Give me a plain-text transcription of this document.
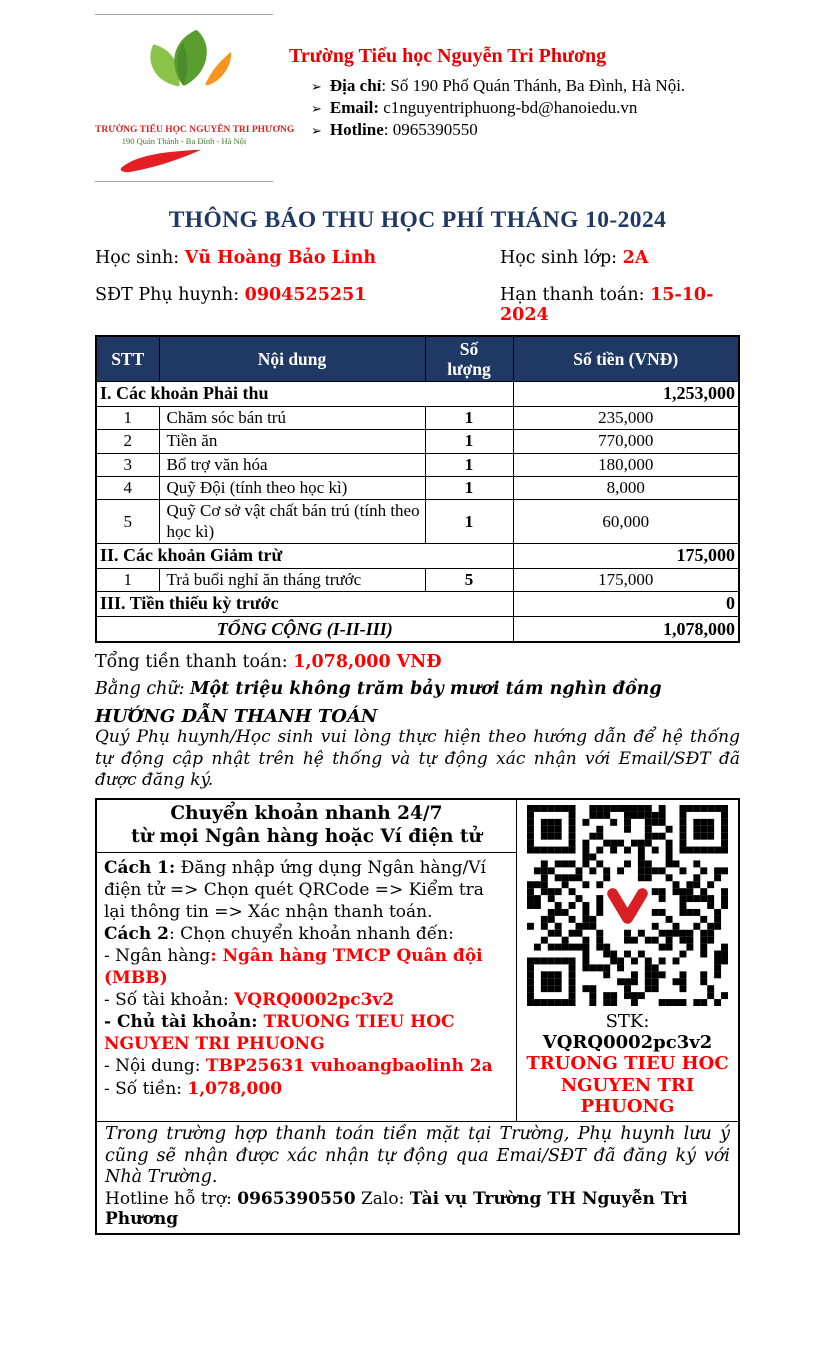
TRƯỜNG TIỂU HỌC NGUYỄN TRI PHƯƠNG
190 Quán Thánh - Ba Đình - Hà Nội
Trường Tiểu học Nguyễn Tri Phương
➢ Địa chỉ: Số 190 Phố Quán Thánh, Ba Đình, Hà Nội.
➢ Email: c1nguyentriphuong-bd@hanoiedu.vn
➢ Hotline: 0965390550
THÔNG BÁO THU HỌC PHÍ THÁNG 10-2024
Học sinh: Vũ Hoàng Bảo Linh	Học sinh lớp: 2A
SĐT Phụ huynh: 0904525251	Hạn thanh toán: 15-10-2024
STT	Nội dung	Số lượng	Số tiền (VNĐ)
I. Các khoản Phải thu			1,253,000
1	Chăm sóc bán trú	1	235,000
2	Tiền ăn	1	770,000
3	Bổ trợ văn hóa	1	180,000
4	Quỹ Đội (tính theo học kì)	1	8,000
5	Quỹ Cơ sở vật chất bán trú (tính theo học kì)	1	60,000
II. Các khoản Giảm trừ			175,000
1	Trả buổi nghỉ ăn tháng trước	5	175,000
III. Tiền thiếu kỳ trước			0
TỔNG CỘNG (I-II-III)			1,078,000
Tổng tiền thanh toán: 1,078,000 VNĐ
Bằng chữ: Một triệu không trăm bảy mươi tám nghìn đồng
HƯỚNG DẪN THANH TOÁN
Quý Phụ huynh/Học sinh vui lòng thực hiện theo hướng dẫn để hệ thống tự động cập nhật trên hệ thống và tự động xác nhận với Email/SĐT đã được đăng ký.
Chuyển khoản nhanh 24/7
từ mọi Ngân hàng hoặc Ví điện tử
Cách 1: Đăng nhập ứng dụng Ngân hàng/Ví điện tử => Chọn quét QRCode => Kiểm tra lại thông tin => Xác nhận thanh toán.
Cách 2: Chọn chuyển khoản nhanh đến:
- Ngân hàng: Ngân hàng TMCP Quân đội (MBB)
- Số tài khoản: VQRQ0002pc3v2
- Chủ tài khoản: TRUONG TIEU HOC NGUYEN TRI PHUONG
- Nội dung: TBP25631 vuhoangbaolinh 2a
- Số tiền: 1,078,000
STK: VQRQ0002pc3v2
TRUONG TIEU HOC
NGUYEN TRI PHUONG
Trong trường hợp thanh toán tiền mặt tại Trường, Phụ huynh lưu ý cũng sẽ nhận được xác nhận tự động qua Emai/SĐT đã đăng ký với Nhà Trường.
Hotline hỗ trợ: 0965390550 Zalo: Tài vụ Trường TH Nguyễn Tri Phương
